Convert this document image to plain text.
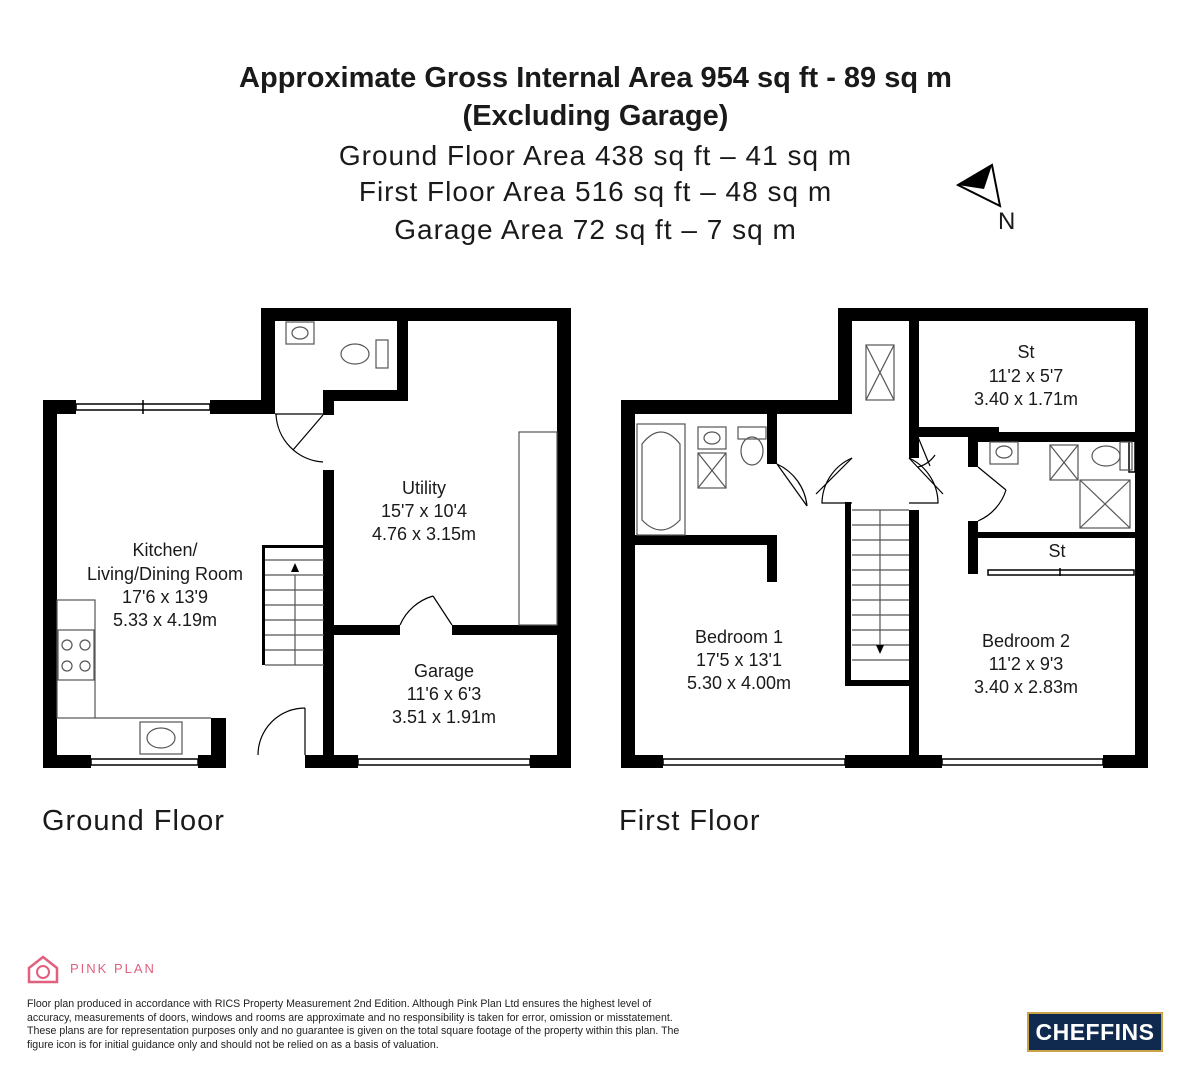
Approximate Gross Internal Area 954 sq ft - 89 sq m
(Excluding Garage)
Ground Floor Area 438 sq ft – 41 sq m
First Floor Area 516 sq ft – 48 sq m
Garage Area 72 sq ft – 7 sq m
Kitchen/
Living/Dining Room
17'6 x 13'9
5.33 x 4.19m
Utility
15'7 x 10'4
4.76 x 3.15m
Garage
11'6 x 6'3
3.51 x 1.91m
St
11'2 x 5'7
3.40 x 1.71m
St
Bedroom 1
17'5 x 13'1
5.30 x 4.00m
Bedroom 2
11'2 x 9'3
3.40 x 2.83m
N
Ground Floor	First Floor
PINK PLAN
Floor plan produced in accordance with RICS Property Measurement 2nd Edition. Although Pink Plan Ltd ensures the highest level of accuracy, measurements of doors, windows and rooms are approximate and no responsibility is taken for error, omission or misstatement. These plans are for representation purposes only and no guarantee is given on the total square footage of the property within this plan. The figure icon is for initial guidance only and should not be relied on as a basis of valuation.	CHEFFINS
